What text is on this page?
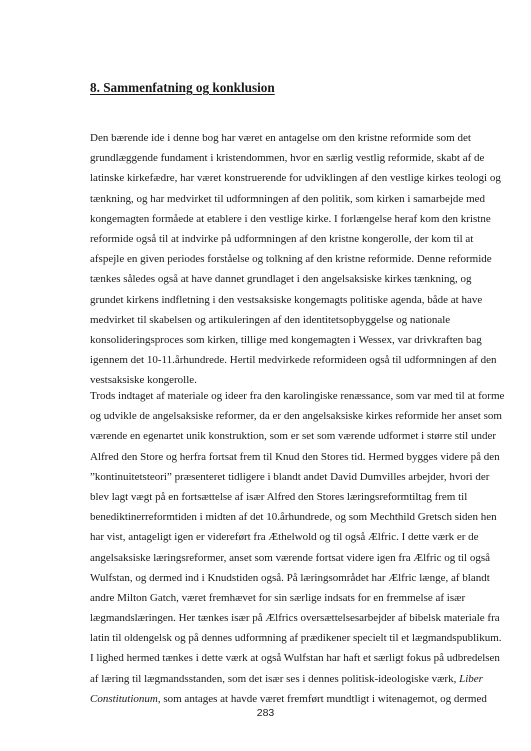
8. Sammenfatning og konklusion
Den bærende ide i denne bog har været en antagelse om den kristne reformide som det
grundlæggende fundament i kristendommen, hvor en særlig vestlig reformide, skabt af de
latinske kirkefædre, har været konstruerende for udviklingen af den vestlige kirkes teologi og
tænkning, og har medvirket til udformningen af den politik, som kirken i samarbejde med
kongemagten formåede at etablere i den vestlige kirke. I forlængelse heraf kom den kristne
reformide også til at indvirke på udformningen af den kristne kongerolle, der kom til at
afspejle en given periodes forståelse og tolkning af den kristne reformide. Denne reformide
tænkes således også at have dannet grundlaget i den angelsaksiske kirkes tænkning, og
grundet kirkens indfletning i den vestsaksiske kongemagts politiske agenda, både at have
medvirket til skabelsen og artikuleringen af den identitetsopbyggelse og nationale
konsolideringsproces som kirken, tillige med kongemagten i Wessex, var drivkraften bag
igennem det 10-11.århundrede. Hertil medvirkede reformideen også til udformningen af den
vestsaksiske kongerolle.
Trods indtaget af materiale og ideer fra den karolingiske renæssance, som var med til at forme
og udvikle de angelsaksiske reformer, da er den angelsaksiske kirkes reformide her anset som
værende en egenartet unik konstruktion, som er set som værende udformet i større stil under
Alfred den Store og herfra fortsat frem til Knud den Stores tid. Hermed bygges videre på den
”kontinuitetsteori” præsenteret tidligere i blandt andet David Dumvilles arbejder, hvori der
blev lagt vægt på en fortsættelse af især Alfred den Stores læringsreformtiltag frem til
benediktinerreformtiden i midten af det 10.århundrede, og som Mechthild Gretsch siden hen
har vist, antageligt igen er videreført fra Æthelwold og til også Ælfric. I dette værk er de
angelsaksiske læringsreformer, anset som værende fortsat videre igen fra Ælfric og til også
Wulfstan, og dermed ind i Knudstiden også. På læringsområdet har Ælfric længe, af blandt
andre Milton Gatch, været fremhævet for sin særlige indsats for en fremmelse af især
lægmandslæringen. Her tænkes især på Ælfrics oversættelsesarbejder af bibelsk materiale fra
latin til oldengelsk og på dennes udformning af prædikener specielt til et lægmandspublikum.
I lighed hermed tænkes i dette værk at også Wulfstan har haft et særligt fokus på udbredelsen
af læring til lægmandsstanden, som det især ses i dennes politisk-ideologiske værk, Liber
Constitutionum, som antages at havde været fremført mundtligt i witenagemot, og dermed
283
